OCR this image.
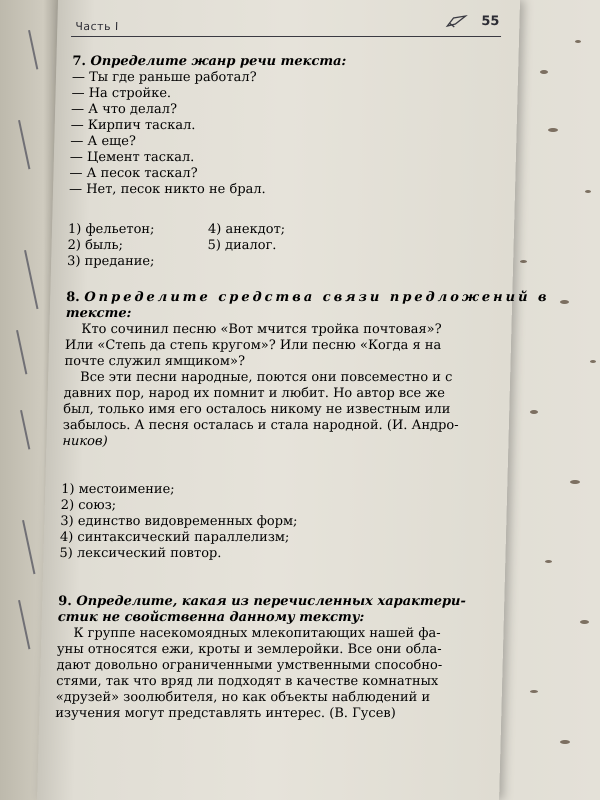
Часть I	55
7. Определите жанр речи текста:
— Ты где раньше работал?
— На стройке.
— А что делал?
— Кирпич таскал.
— А еще?
— Цемент таскал.
— А песок таскал?
— Нет, песок никто не брал.
1) фельетон;
2) быль;
3) предание;
4) анекдот;
5) диалог.
8. Определите средства связи предложений в
тексте:
Кто сочинил песню «Вот мчится тройка почтовая»?
Или «Степь да степь кругом»? Или песню «Когда я на
почте служил ямщиком»?
Все эти песни народные, поются они повсеместно и с
давних пор, народ их помнит и любит. Но автор все же
был, только имя его осталось никому не известным или
забылось. А песня осталась и стала народной. (И. Андро-
ников)
1) местоимение;
2) союз;
3) единство видовременных форм;
4) синтаксический параллелизм;
5) лексический повтор.
9. Определите, какая из перечисленных характери-
стик не свойственна данному тексту:
К группе насекомоядных млекопитающих нашей фа-
уны относятся ежи, кроты и землеройки. Все они обла-
дают довольно ограниченными умственными способно-
стями, так что вряд ли подходят в качестве комнатных
«друзей» зоолюбителя, но как объекты наблюдений и
изучения могут представлять интерес. (В. Гусев)
